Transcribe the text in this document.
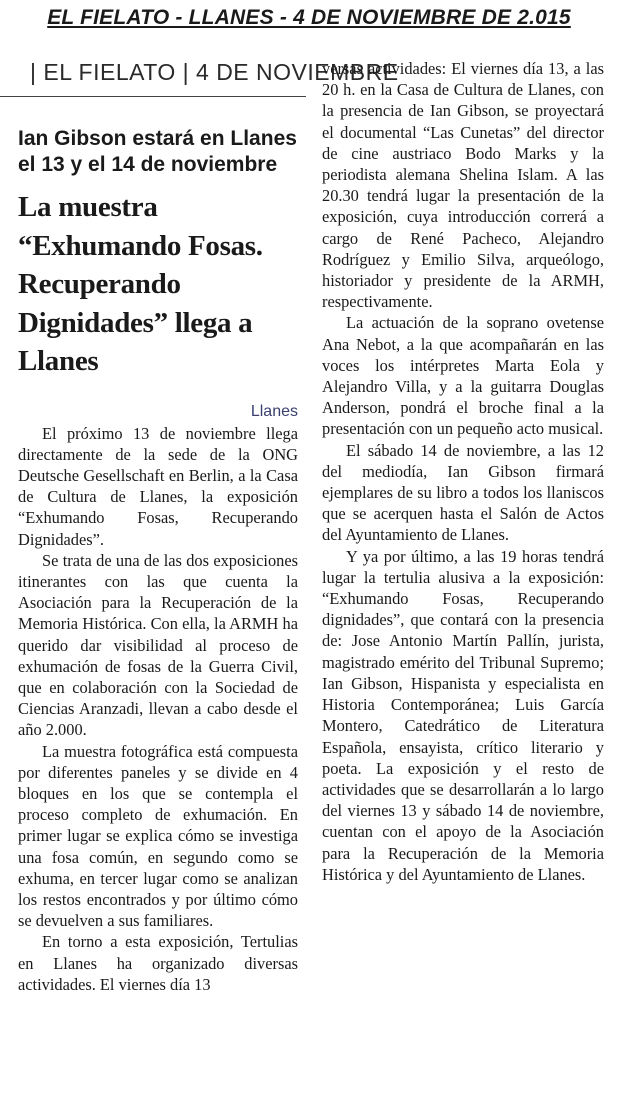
EL FIELATO - LLANES - 4 DE NOVIEMBRE DE 2.015
| EL FIELATO | 4 DE NOVIEMBRE
Ian Gibson estará en Llanes el 13 y el 14 de noviembre
La muestra “Exhumando Fosas. Recuperando Dignidades” llega a Llanes
Llanes

El próximo 13 de noviembre llega directamente de la sede de la ONG Deutsche Gesellschaft en Berlin, a la Casa de Cultura de Llanes, la exposición “Exhumando Fosas, Recuperando Dignidades”.

Se trata de una de las dos exposiciones itinerantes con las que cuenta la Asociación para la Recuperación de la Memoria Histórica. Con ella, la ARMH ha querido dar visibilidad al proceso de exhumación de fosas de la Guerra Civil, que en colaboración con la Sociedad de Ciencias Aranzadi, llevan a cabo desde el año 2.000.

La muestra fotográfica está compuesta por diferentes paneles y se divide en 4 bloques en los que se contempla el proceso completo de exhumación. En primer lugar se explica cómo se investiga una fosa común, en segundo como se exhuma, en tercer lugar como se analizan los restos encontrados y por último cómo se devuelven a sus familiares.

En torno a esta exposición, Tertulias en Llanes ha organizado diversas actividades. El viernes día 13

versas actividades: El viernes día 13, a las 20 h. en la Casa de Cultura de Llanes, con la presencia de Ian Gibson, se proyectará el documental “Las Cunetas” del director de cine austriaco Bodo Marks y la periodista alemana Shelina Islam. A las 20.30 tendrá lugar la presentación de la exposición, cuya introducción correrá a cargo de René Pacheco, Alejandro Rodríguez y Emilio Silva, arqueólogo, historiador y presidente de la ARMH, respectivamente.

La actuación de la soprano ovetense Ana Nebot, a la que acompañarán en las voces los intérpretes Marta Eola y Alejandro Villa, y a la guitarra Douglas Anderson, pondrá el broche final a la presentación con un pequeño acto musical.

El sábado 14 de noviembre, a las 12 del mediodía, Ian Gibson firmará ejemplares de su libro a todos los llaniscos que se acerquen hasta el Salón de Actos del Ayuntamiento de Llanes.

Y ya por último, a las 19 horas tendrá lugar la tertulia alusiva a la exposición: “Exhumando Fosas, Recuperando dignidades”, que contará con la presencia de: Jose Antonio Martín Pallín, jurista, magistrado emérito del Tribunal Supremo; Ian Gibson, Hispanista y especialista en Historia Contemporánea; Luis García Montero, Catedrático de Literatura Española, ensayista, crítico literario y poeta. La exposición y el resto de actividades que se desarrollarán a lo largo del viernes 13 y sábado 14 de noviembre, cuentan con el apoyo de la Asociación para la Recuperación de la Memoria Histórica y del Ayuntamiento de Llanes.
